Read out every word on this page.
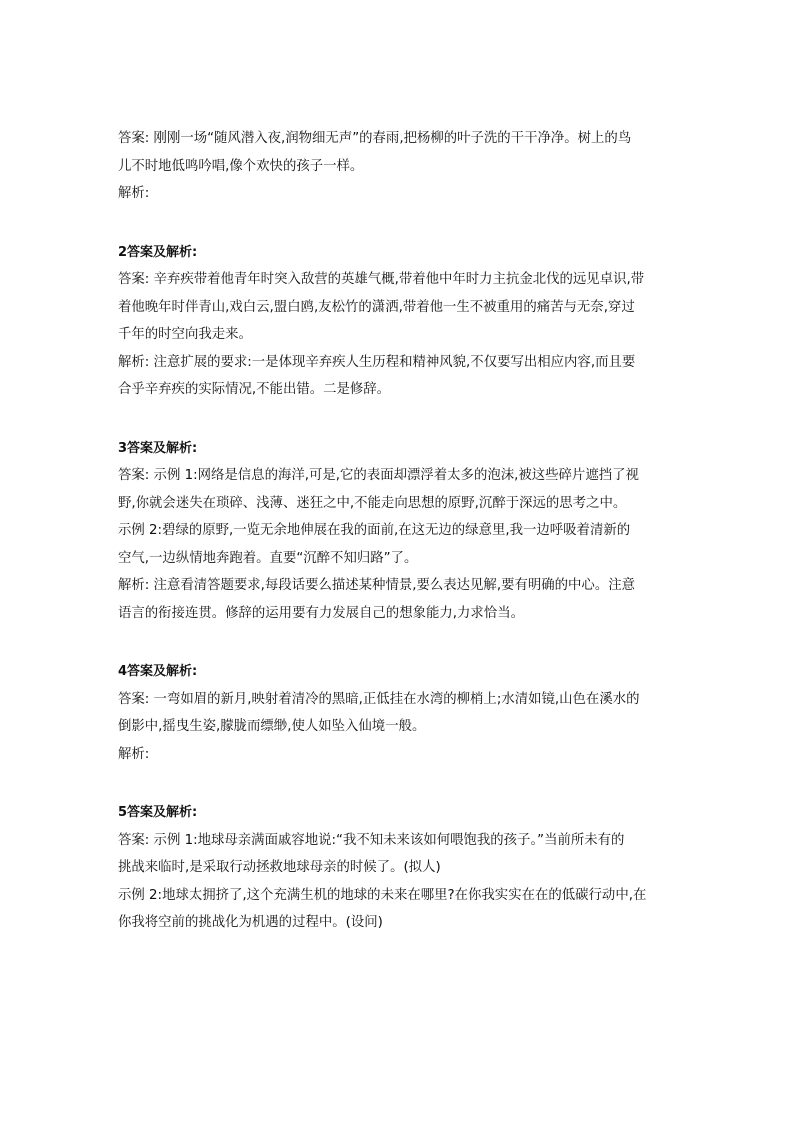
答案: 刚刚一场“随风潜入夜,润物细无声”的春雨,把杨柳的叶子洗的干干净净。树上的鸟

儿不时地低鸣吟唱,像个欢快的孩子一样。

解析:

2答案及解析:

答案: 辛弃疾带着他青年时突入敌营的英雄气概,带着他中年时力主抗金北伐的远见卓识,带

着他晚年时伴青山,戏白云,盟白鸥,友松竹的潇洒,带着他一生不被重用的痛苦与无奈,穿过

千年的时空向我走来。

解析: 注意扩展的要求:一是体现辛弃疾人生历程和精神风貌,不仅要写出相应内容,而且要

合乎辛弃疾的实际情况,不能出错。二是修辞。

3答案及解析:

答案: 示例 1:网络是信息的海洋,可是,它的表面却漂浮着太多的泡沫,被这些碎片遮挡了视

野,你就会迷失在琐碎、浅薄、迷狂之中,不能走向思想的原野,沉醉于深远的思考之中。

示例 2:碧绿的原野,一览无余地伸展在我的面前,在这无边的绿意里,我一边呼吸着清新的

空气,一边纵情地奔跑着。直要“沉醉不知归路”了。

解析: 注意看清答题要求,每段话要么描述某种情景,要么表达见解,要有明确的中心。注意

语言的衔接连贯。修辞的运用要有力发展自己的想象能力,力求恰当。

4答案及解析:

答案: 一弯如眉的新月,映射着清冷的黑暗,正低挂在水湾的柳梢上;水清如镜,山色在溪水的

倒影中,摇曳生姿,朦胧而缥缈,使人如坠入仙境一般。

解析:

5答案及解析:

答案: 示例 1:地球母亲满面戚容地说:“我不知未来该如何喂饱我的孩子。”当前所未有的

挑战来临时,是采取行动拯救地球母亲的时候了。(拟人)

示例 2:地球太拥挤了,这个充满生机的地球的未来在哪里?在你我实实在在的低碳行动中,在

你我将空前的挑战化为机遇的过程中。(设问)
